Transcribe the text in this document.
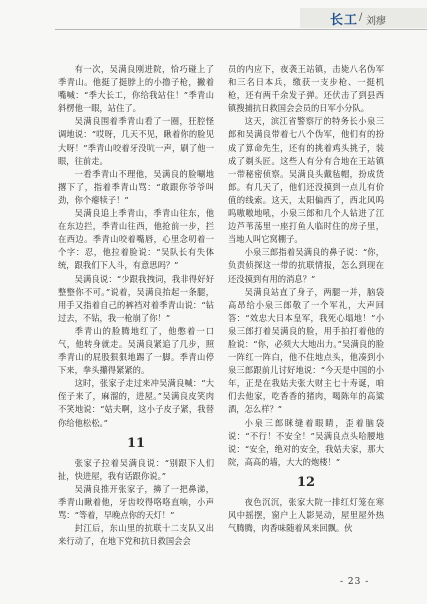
长工 / 刘瘳

有一次，吴满良刚进院，恰巧碰上了季青山。他挺了挺脖上的小撸子枪，撇着嘴喊：“季大长工，你给我站住！”季青山斜楞他一眼，站住了。

吴满良围着季青山看了一圈，狂腔怪调地说：“哎呀，几天不见，瞅着你的脸见大呀！”季青山咬着牙没吭一声，刷了他一眼，往前走。

一看季青山不理他，吴满良的脸唰地撂下了，指着季青山骂：“敢跟你爷爷叫劲，你个瘪犊子！”

吴满良追上季青山，季青山往东，他在东边拦，季青山往西，他抢前一步，拦在西边。季青山咬着嘴唇，心里念叨着一个字：忍，他拉着脸说：“吴队长有失体统，跟我们下人斗，有意思吗？”

吴满良说：“少跟我拽词，我非得好好整整你不可。”说着，吴满良抬起一条腿，用手又指着自己的裤裆对着季青山说：“钻过去，不钻，我一枪崩了你！”

季青山的脸腾地红了，他憋着一口气，他转身就走。吴满良紧追了几步，照季青山的屁股狠狠地踢了一脚。季青山停下来，拳头攥得紧紧的。

这时，张家子走过来冲吴满良喊：“大侄子来了，麻溜的，进屋。”吴满良皮笑肉不笑地说：“姑夫啊，这小子皮子紧，我替你给他松松。”

11

张家子拉着吴满良说：“别跟下人们扯，快进屋，我有话跟你说。”

吴满良推开张家子，擤了一把鼻涕，季青山瞅着他，牙齿咬得咯咯直响，小声骂：“等着，早晚点你的天灯！”

封江后，东山里的抗联十二支队又出来行动了，在地下党和抗日救国会会

员的内应下，夜袭王站镇，击毙八名伪军和三名日本兵，缴获一支步枪、一挺机枪，还有两千余发子弹。还伏击了到县西镇搜捕抗日救国会会员的日军小分队。

这天，滨江省警察厅的特务长小泉三郎和吴满良带着七八个伪军，他们有的扮成了算命先生，还有的挑着鸡头挑子，装成了剃头匠。这些人有分有合地在王站镇一带秘密侦察。吴满良头戴毡帽，扮成货郎。有几天了，他们还没摸到一点儿有价值的线索。这天，太阳偏西了，西北风呜呜嗷嗷地吼，小泉三郎和几个人钻进了江边芦苇荡里一座打鱼人临时住的房子里，当地人叫它窝棚子。

小泉三郎指着吴满良的鼻子说：“你，负责侦探这一带的抗联情报，怎么到现在还没摸到有用的消息？”

吴满良站直了身子，两腿一并，脑袋高昂给小泉三郎敬了一个军礼，大声回答：“效忠大日本皇军，我死心塌地！”小泉三郎打着吴满良的脸，用手拍打着他的脸说：“你，必须大大地出力。”吴满良的脸一阵红一阵白，他不住地点头，他凑到小泉三郎跟前儿讨好地说：“今天是中国的小年，正是在我姑夫张大财主七十寿诞，咱们去他家，吃香香的猪肉，喝陈年的高粱酒，怎么样？”

小泉三郎眯缝着眼睛，歪着脑袋说：“不行！不安全！”吴满良点头哈腰地说：“安全，绝对的安全，我姑夫家，那大院，高高的墙，大大的炮楼！”

12

夜色沉沉，张家大院一排红灯笼在寒风中摇摆，窗户上人影晃动，屋里屋外热气腾腾，肉香味随着风来回飘。伙

- 23 -
